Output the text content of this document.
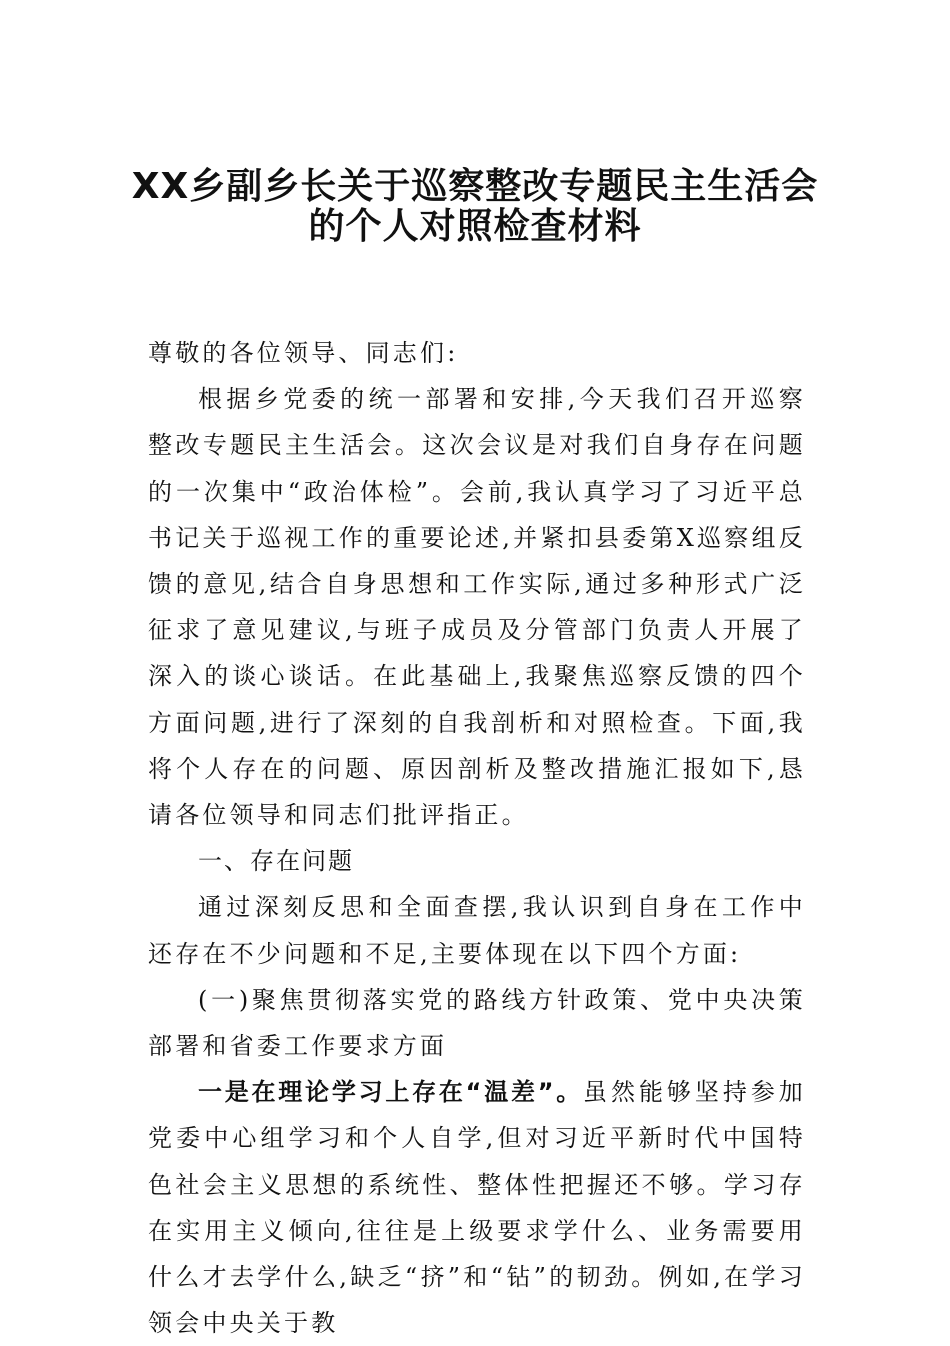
XX乡副乡长关于巡察整改专题民主生活会
的个人对照检查材料

尊敬的各位领导、同志们:

根据乡党委的统一部署和安排,今天我们召开巡察整改专题民主生活会。这次会议是对我们自身存在问题的一次集中“政治体检”。会前,我认真学习了习近平总书记关于巡视工作的重要论述,并紧扣县委第X巡察组反馈的意见,结合自身思想和工作实际,通过多种形式广泛征求了意见建议,与班子成员及分管部门负责人开展了深入的谈心谈话。在此基础上,我聚焦巡察反馈的四个方面问题,进行了深刻的自我剖析和对照检查。下面,我将个人存在的问题、原因剖析及整改措施汇报如下,恳请各位领导和同志们批评指正。

一、存在问题

通过深刻反思和全面查摆,我认识到自身在工作中还存在不少问题和不足,主要体现在以下四个方面:

(一)聚焦贯彻落实党的路线方针政策、党中央决策部署和省委工作要求方面

一是在理论学习上存在“温差”。虽然能够坚持参加党委中心组学习和个人自学,但对习近平新时代中国特色社会主义思想的系统性、整体性把握还不够。学习存在实用主义倾向,往往是上级要求学什么、业务需要用什么才去学什么,缺乏“挤”和“钻”的韧劲。例如,在学习领会中央关于教
